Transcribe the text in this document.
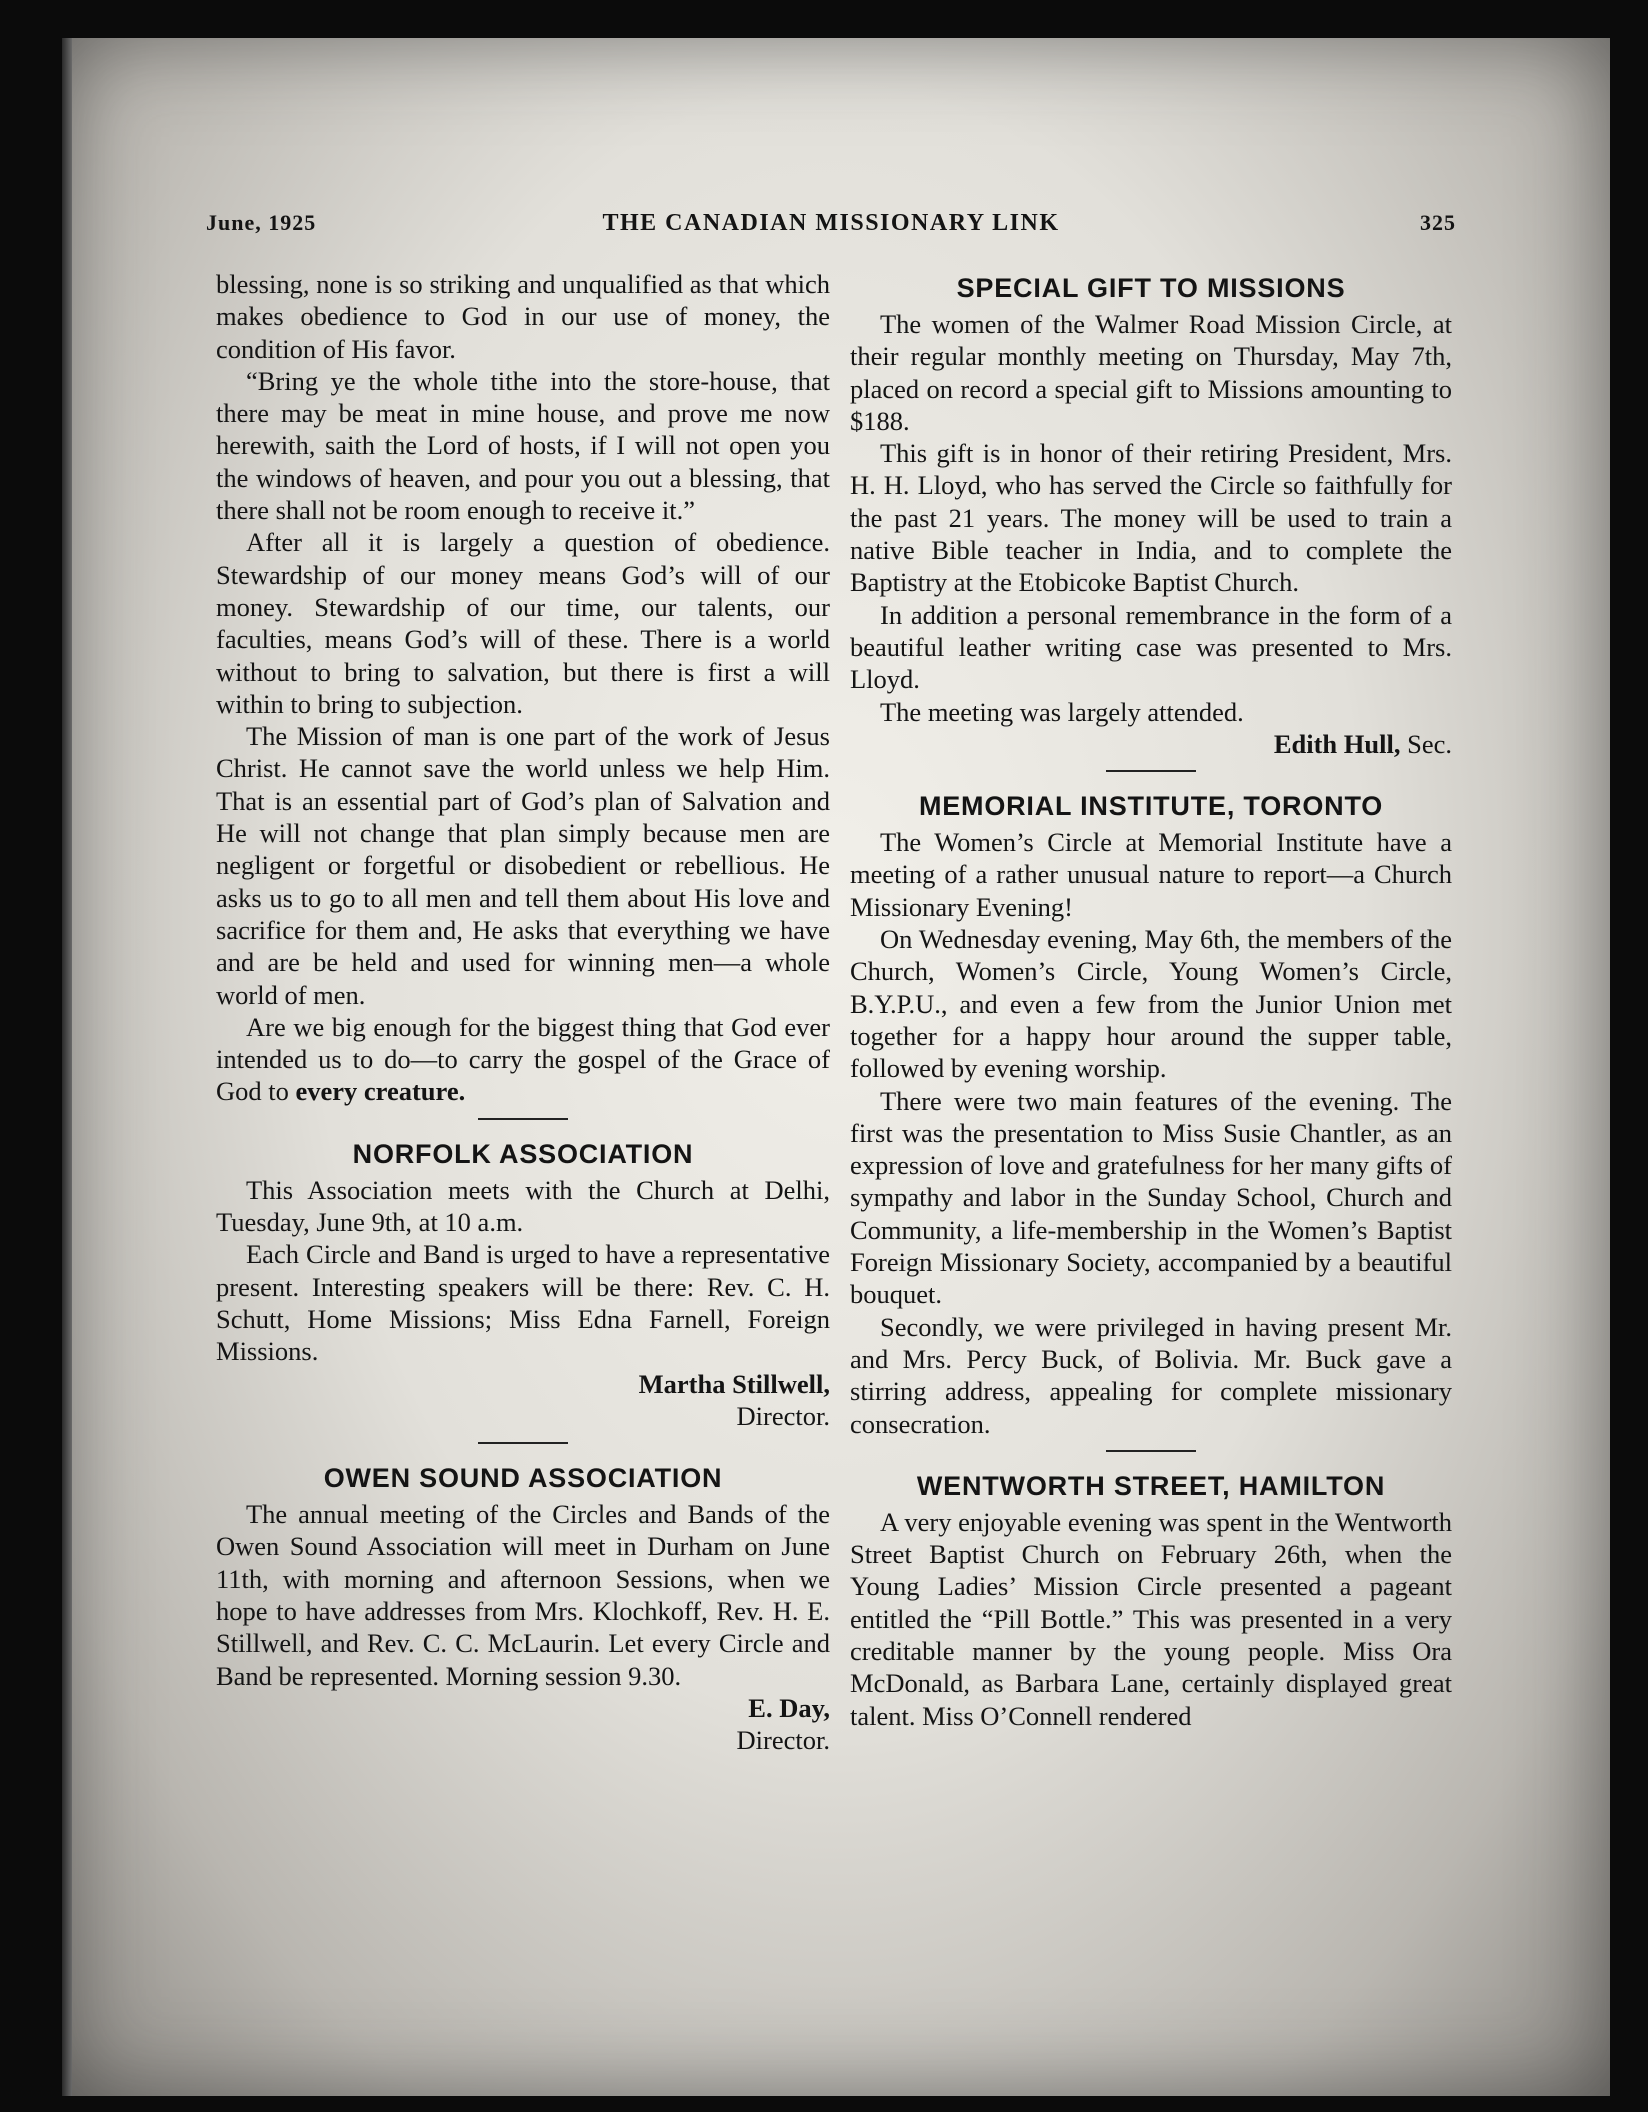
June, 1925	THE CANADIAN MISSIONARY LINK	325

blessing, none is so striking and unqualified as that which makes obedience to God in our use of money, the condition of His favor.

“Bring ye the whole tithe into the store-house, that there may be meat in mine house, and prove me now herewith, saith the Lord of hosts, if I will not open you the windows of heaven, and pour you out a blessing, that there shall not be room enough to receive it.”

After all it is largely a question of obedience. Stewardship of our money means God’s will of our money. Stewardship of our time, our talents, our faculties, means God’s will of these. There is a world without to bring to salvation, but there is first a will within to bring to subjection.

The Mission of man is one part of the work of Jesus Christ. He cannot save the world unless we help Him. That is an essential part of God’s plan of Salvation and He will not change that plan simply because men are negligent or forgetful or disobedient or rebellious. He asks us to go to all men and tell them about His love and sacrifice for them and, He asks that everything we have and are be held and used for winning men—a whole world of men.

Are we big enough for the biggest thing that God ever intended us to do—to carry the gospel of the Grace of God to every creature.

NORFOLK ASSOCIATION

This Association meets with the Church at Delhi, Tuesday, June 9th, at 10 a.m.

Each Circle and Band is urged to have a representative present. Interesting speakers will be there: Rev. C. H. Schutt, Home Missions; Miss Edna Farnell, Foreign Missions.

Martha Stillwell,
Director.
OWEN SOUND ASSOCIATION

The annual meeting of the Circles and Bands of the Owen Sound Association will meet in Durham on June 11th, with morning and afternoon Sessions, when we hope to have addresses from Mrs. Klochkoff, Rev. H. E. Stillwell, and Rev. C. C. McLaurin. Let every Circle and Band be represented. Morning session 9.30.

E. Day,
Director.
SPECIAL GIFT TO MISSIONS

The women of the Walmer Road Mission Circle, at their regular monthly meeting on Thursday, May 7th, placed on record a special gift to Missions amounting to $188.

This gift is in honor of their retiring President, Mrs. H. H. Lloyd, who has served the Circle so faithfully for the past 21 years. The money will be used to train a native Bible teacher in India, and to complete the Baptistry at the Etobicoke Baptist Church.

In addition a personal remembrance in the form of a beautiful leather writing case was presented to Mrs. Lloyd.

The meeting was largely attended.

Edith Hull, Sec.
MEMORIAL INSTITUTE, TORONTO

The Women’s Circle at Memorial Institute have a meeting of a rather unusual nature to report—a Church Missionary Evening!

On Wednesday evening, May 6th, the members of the Church, Women’s Circle, Young Women’s Circle, B.Y.P.U., and even a few from the Junior Union met together for a happy hour around the supper table, followed by evening worship.

There were two main features of the evening. The first was the presentation to Miss Susie Chantler, as an expression of love and gratefulness for her many gifts of sympathy and labor in the Sunday School, Church and Community, a life-membership in the Women’s Baptist Foreign Missionary Society, accompanied by a beautiful bouquet.

Secondly, we were privileged in having present Mr. and Mrs. Percy Buck, of Bolivia. Mr. Buck gave a stirring address, appealing for complete missionary consecration.

WENTWORTH STREET, HAMILTON

A very enjoyable evening was spent in the Wentworth Street Baptist Church on February 26th, when the Young Ladies’ Mission Circle presented a pageant entitled the “Pill Bottle.” This was presented in a very creditable manner by the young people. Miss Ora McDonald, as Barbara Lane, certainly displayed great talent. Miss O’Connell rendered
